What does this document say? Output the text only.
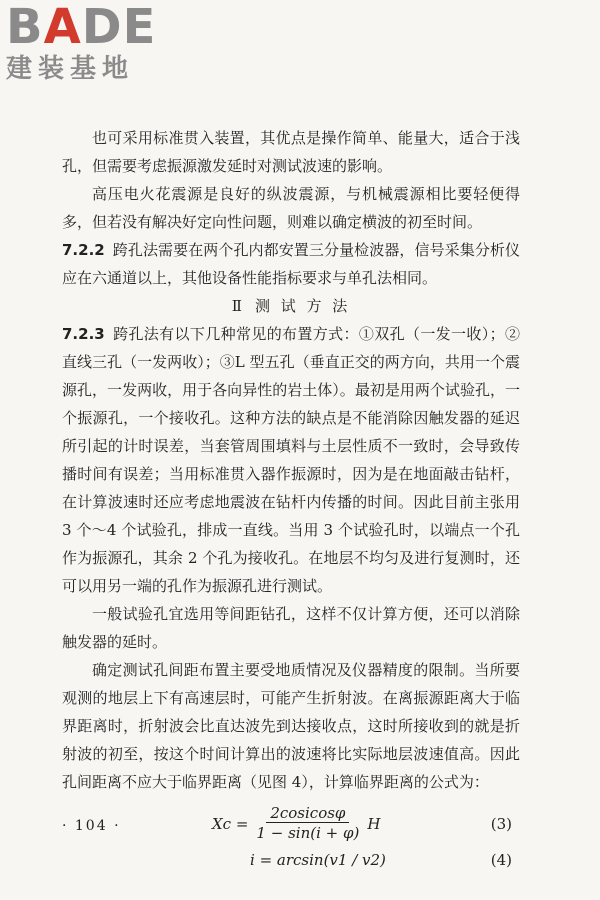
BADE
建装基地

也可采用标准贯入装置，其优点是操作简单、能量大，适合于浅孔，但需要考虑振源激发延时对测试波速的影响。

高压电火花震源是良好的纵波震源，与机械震源相比要轻便得多，但若没有解决好定向性问题，则难以确定横波的初至时间。

7.2.2 跨孔法需要在两个孔内都安置三分量检波器，信号采集分析仪应在六通道以上，其他设备性能指标要求与单孔法相同。

Ⅱ 测 试 方 法

7.2.3 跨孔法有以下几种常见的布置方式：①双孔（一发一收）；②直线三孔（一发两收）；③L 型五孔（垂直正交的两方向，共用一个震源孔，一发两收，用于各向异性的岩土体）。最初是用两个试验孔，一个振源孔，一个接收孔。这种方法的缺点是不能消除因触发器的延迟所引起的计时误差，当套管周围填料与土层性质不一致时，会导致传播时间有误差；当用标准贯入器作振源时，因为是在地面敲击钻杆，在计算波速时还应考虑地震波在钻杆内传播的时间。因此目前主张用 3 个～4 个试验孔，排成一直线。当用 3 个试验孔时，以端点一个孔作为振源孔，其余 2 个孔为接收孔。在地层不均匀及进行复测时，还可以用另一端的孔作为振源孔进行测试。

一般试验孔宜选用等间距钻孔，这样不仅计算方便，还可以消除触发器的延时。

确定测试孔间距布置主要受地质情况及仪器精度的限制。当所要观测的地层上下有高速层时，可能产生折射波。在离振源距离大于临界距离时，折射波会比直达波先到达接收点，这时所接收到的就是折射波的初至，按这个时间计算出的波速将比实际地层波速值高。因此孔间距离不应大于临界距离（见图 4），计算临界距离的公式为：

$Xc = \frac{\text{2cosicosφ}}{1 - \sin(i + \varphi)}$ H	(3)
i = arcsin(v1 / v2)	(4)
· 104 ·
